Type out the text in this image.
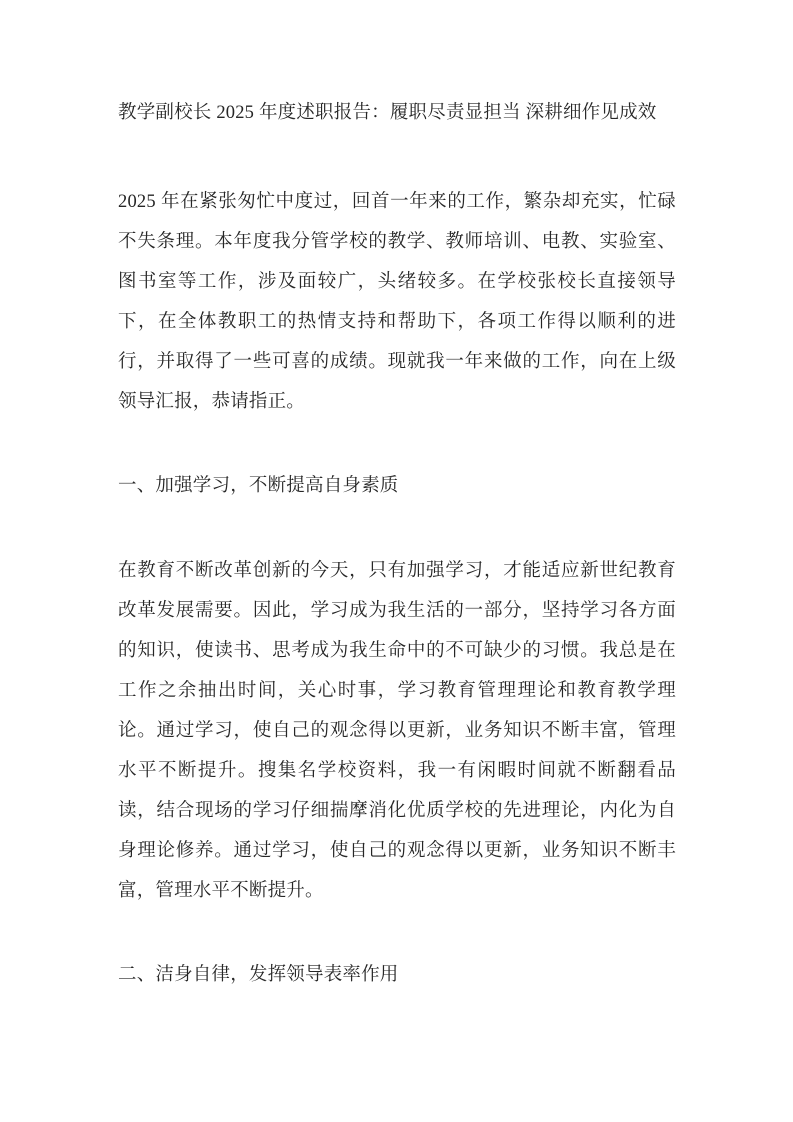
教学副校长 2025 年度述职报告：履职尽责显担当 深耕细作见成效
2025 年在紧张匆忙中度过，回首一年来的工作，繁杂却充实，忙碌不失条理。本年度我分管学校的教学、教师培训、电教、实验室、图书室等工作，涉及面较广，头绪较多。在学校张校长直接领导下，在全体教职工的热情支持和帮助下，各项工作得以顺利的进行，并取得了一些可喜的成绩。现就我一年来做的工作，向在上级领导汇报，恭请指正。
一、加强学习，不断提高自身素质
在教育不断改革创新的今天，只有加强学习，才能适应新世纪教育改革发展需要。因此，学习成为我生活的一部分，坚持学习各方面的知识，使读书、思考成为我生命中的不可缺少的习惯。我总是在工作之余抽出时间，关心时事，学习教育管理理论和教育教学理论。通过学习，使自己的观念得以更新，业务知识不断丰富，管理水平不断提升。搜集名学校资料，我一有闲暇时间就不断翻看品读，结合现场的学习仔细揣摩消化优质学校的先进理论，内化为自身理论修养。通过学习，使自己的观念得以更新，业务知识不断丰富，管理水平不断提升。
二、洁身自律，发挥领导表率作用
